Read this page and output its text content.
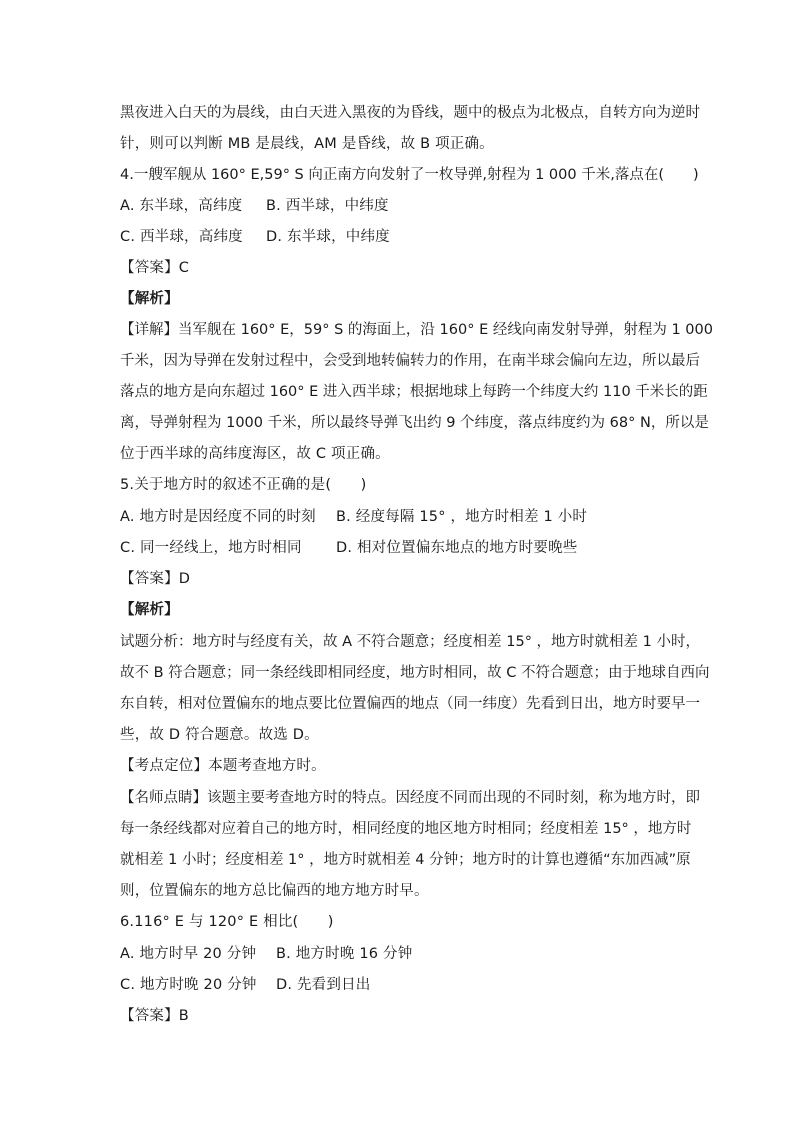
黑夜进入白天的为晨线，由白天进入黑夜的为昏线，题中的极点为北极点，自转方向为逆时
针，则可以判断 MB 是晨线，AM 是昏线，故 B 项正确。
4.一艘军舰从 160° E,59° S 向正南方向发射了一枚导弹,射程为 1 000 千米,落点在(　　)
A. 东半球，高纬度 B. 西半球，中纬度
C. 西半球，高纬度 D. 东半球，中纬度
【答案】C
【解析】
【详解】当军舰在 160° E，59° S 的海面上，沿 160° E 经线向南发射导弹，射程为 1 000
千米，因为导弹在发射过程中，会受到地转偏转力的作用，在南半球会偏向左边，所以最后
落点的地方是向东超过 160° E 进入西半球；根据地球上每跨一个纬度大约 110 千米长的距
离，导弹射程为 1000 千米，所以最终导弹飞出约 9 个纬度，落点纬度约为 68° N，所以是
位于西半球的高纬度海区，故 C 项正确。
5.关于地方时的叙述不正确的是(　　)
A. 地方时是因经度不同的时刻 B. 经度每隔 15° ，地方时相差 1 小时
C. 同一经线上，地方时相同 D. 相对位置偏东地点的地方时要晚些
【答案】D
【解析】
试题分析：地方时与经度有关，故 A 不符合题意；经度相差 15° ，地方时就相差 1 小时，
故不 B 符合题意；同一条经线即相同经度，地方时相同，故 C 不符合题意；由于地球自西向
东自转，相对位置偏东的地点要比位置偏西的地点（同一纬度）先看到日出，地方时要早一
些，故 D 符合题意。故选 D。
【考点定位】本题考查地方时。
【名师点睛】该题主要考查地方时的特点。因经度不同而出现的不同时刻，称为地方时，即
每一条经线都对应着自己的地方时，相同经度的地区地方时相同；经度相差 15° ，地方时
就相差 1 小时；经度相差 1° ，地方时就相差 4 分钟；地方时的计算也遵循“东加西减”原
则，位置偏东的地方总比偏西的地方地方时早。
6.116° E 与 120° E 相比(　　)
A. 地方时早 20 分钟 B. 地方时晚 16 分钟
C. 地方时晚 20 分钟 D. 先看到日出
【答案】B
